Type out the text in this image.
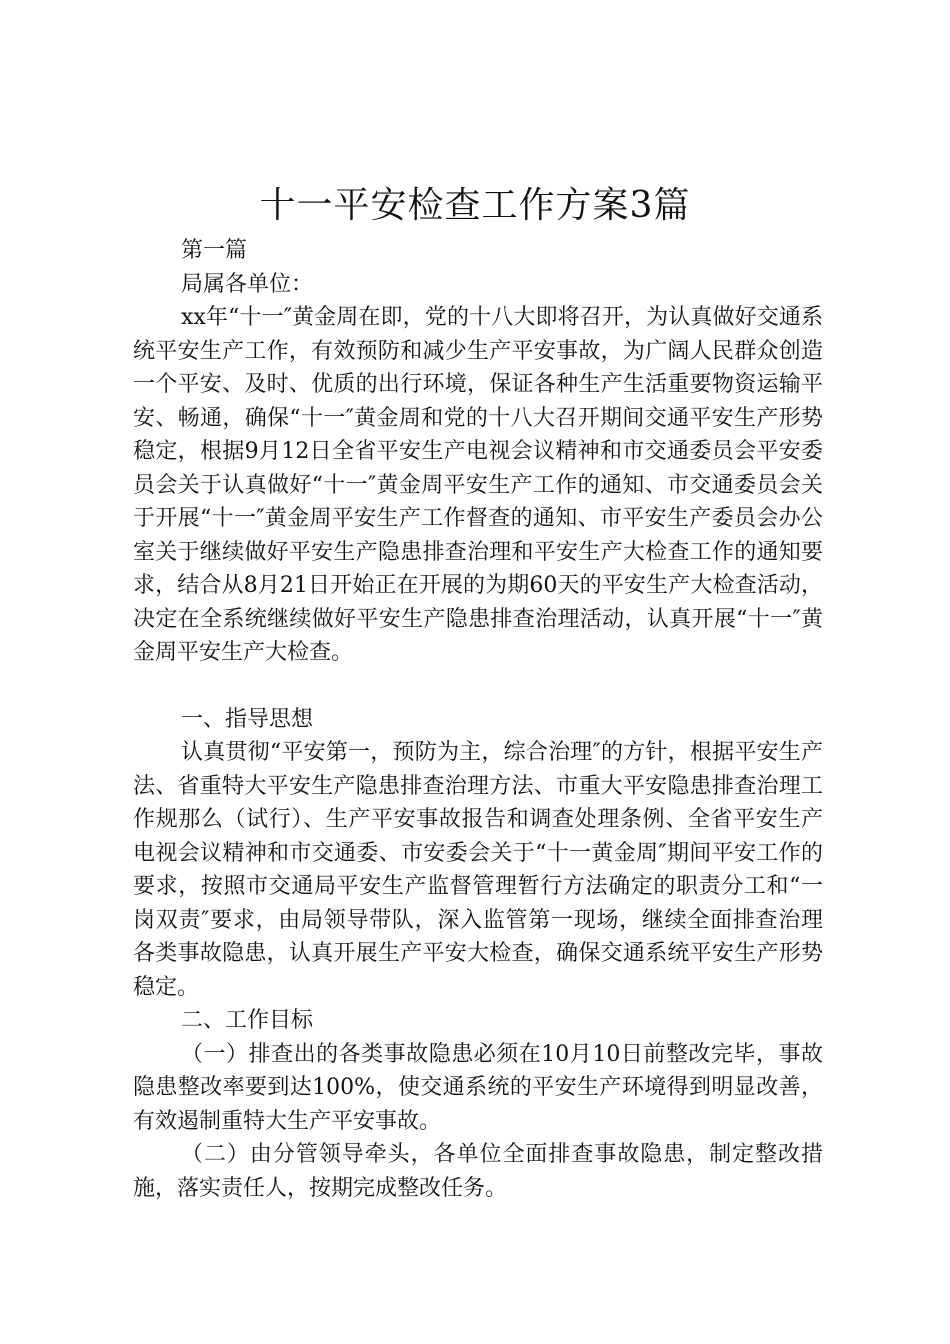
十一平安检查工作方案3篇

第一篇

局属各单位：

xx年“十一″黄金周在即，党的十八大即将召开，为认真做好交通系统平安生产工作，有效预防和减少生产平安事故，为广阔人民群众创造一个平安、及时、优质的出行环境，保证各种生产生活重要物资运输平安、畅通，确保“十一″黄金周和党的十八大召开期间交通平安生产形势稳定，根据9月12日全省平安生产电视会议精神和市交通委员会平安委员会关于认真做好“十一″黄金周平安生产工作的通知、市交通委员会关于开展“十一″黄金周平安生产工作督查的通知、市平安生产委员会办公室关于继续做好平安生产隐患排查治理和平安生产大检查工作的通知要求，结合从8月21日开始正在开展的为期60天的平安生产大检查活动，决定在全系统继续做好平安生产隐患排查治理活动，认真开展“十一″黄金周平安生产大检查。

一、指导思想

认真贯彻“平安第一，预防为主，综合治理″的方针，根据平安生产法、省重特大平安生产隐患排查治理方法、市重大平安隐患排查治理工作规那么（试行）、生产平安事故报告和调查处理条例、全省平安生产电视会议精神和市交通委、市安委会关于“十一黄金周″期间平安工作的要求，按照市交通局平安生产监督管理暂行方法确定的职责分工和“一岗双责″要求，由局领导带队，深入监管第一现场，继续全面排查治理各类事故隐患，认真开展生产平安大检查，确保交通系统平安生产形势稳定。

二、工作目标

（一）排查出的各类事故隐患必须在10月10日前整改完毕，事故隐患整改率要到达100%，使交通系统的平安生产环境得到明显改善，有效遏制重特大生产平安事故。

（二）由分管领导牵头，各单位全面排查事故隐患，制定整改措施，落实责任人，按期完成整改任务。
